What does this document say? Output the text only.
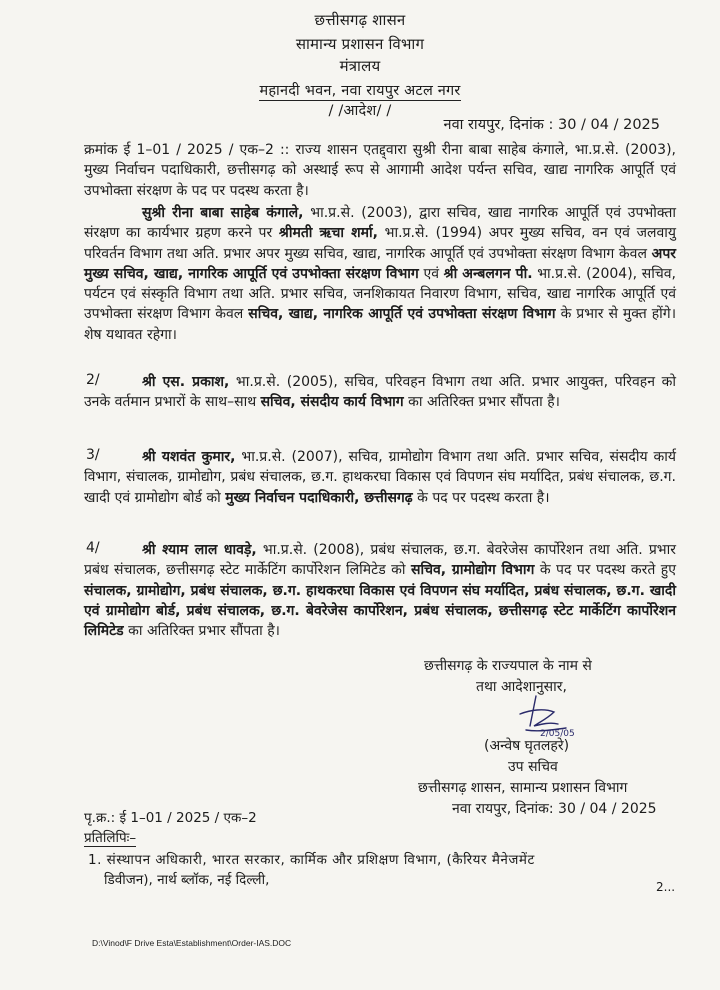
छत्तीसगढ़ शासन
सामान्य प्रशासन विभाग
मंत्रालय
महानदी भवन, नवा रायपुर अटल नगर
/ /आदेश/ /
नवा रायपुर, दिनांक : 30 / 04 / 2025
क्रमांक ई 1–01 / 2025 / एक–2 :: राज्य शासन एतद्द्वारा सुश्री रीना बाबा साहेब कंगाले, भा.प्र.से. (2003), मुख्य निर्वाचन पदाधिकारी, छत्तीसगढ़ को अस्थाई रूप से आगामी आदेश पर्यन्त सचिव, खाद्य नागरिक आपूर्ति एवं उपभोक्ता संरक्षण के पद पर पदस्थ करता है।
सुश्री रीना बाबा साहेब कंगाले, भा.प्र.से. (2003), द्वारा सचिव, खाद्य नागरिक आपूर्ति एवं उपभोक्ता संरक्षण का कार्यभार ग्रहण करने पर श्रीमती ऋचा शर्मा, भा.प्र.से. (1994) अपर मुख्य सचिव, वन एवं जलवायु परिवर्तन विभाग तथा अति. प्रभार अपर मुख्य सचिव, खाद्य, नागरिक आपूर्ति एवं उपभोक्ता संरक्षण विभाग केवल अपर मुख्य सचिव, खाद्य, नागरिक आपूर्ति एवं उपभोक्ता संरक्षण विभाग एवं श्री अन्बलगन पी. भा.प्र.से. (2004), सचिव, पर्यटन एवं संस्कृति विभाग तथा अति. प्रभार सचिव, जनशिकायत निवारण विभाग, सचिव, खाद्य नागरिक आपूर्ति एवं उपभोक्ता संरक्षण विभाग केवल सचिव, खाद्य, नागरिक आपूर्ति एवं उपभोक्ता संरक्षण विभाग के प्रभार से मुक्त होंगे। शेष यथावत रहेगा।
2/	श्री एस. प्रकाश, भा.प्र.से. (2005), सचिव, परिवहन विभाग तथा अति. प्रभार आयुक्त, परिवहन को उनके वर्तमान प्रभारों के साथ–साथ सचिव, संसदीय कार्य विभाग का अतिरिक्त प्रभार सौंपता है।
3/	श्री यशवंत कुमार, भा.प्र.से. (2007), सचिव, ग्रामोद्योग विभाग तथा अति. प्रभार सचिव, संसदीय कार्य विभाग, संचालक, ग्रामोद्योग, प्रबंध संचालक, छ.ग. हाथकरघा विकास एवं विपणन संघ मर्यादित, प्रबंध संचालक, छ.ग. खादी एवं ग्रामोद्योग बोर्ड को मुख्य निर्वाचन पदाधिकारी, छत्तीसगढ़ के पद पर पदस्थ करता है।
4/	श्री श्याम लाल धावड़े, भा.प्र.से. (2008), प्रबंध संचालक, छ.ग. बेवरेजेस कार्पोरेशन तथा अति. प्रभार प्रबंध संचालक, छत्तीसगढ़ स्टेट मार्केटिंग कार्पोरेशन लिमिटेड को सचिव, ग्रामोद्योग विभाग के पद पर पदस्थ करते हुए संचालक, ग्रामोद्योग, प्रबंध संचालक, छ.ग. हाथकरघा विकास एवं विपणन संघ मर्यादित, प्रबंध संचालक, छ.ग. खादी एवं ग्रामोद्योग बोर्ड, प्रबंध संचालक, छ.ग. बेवरेजेस कार्पोरेशन, प्रबंध संचालक, छत्तीसगढ़ स्टेट मार्केटिंग कार्पोरेशन लिमिटेड का अतिरिक्त प्रभार सौंपता है।
छत्तीसगढ़ के राज्यपाल के नाम से
तथा आदेशानुसार,
2/05/05
(अन्वेष घृतलहरे)
उप सचिव
छत्तीसगढ़ शासन, सामान्य प्रशासन विभाग
नवा रायपुर, दिनांक: 30 / 04 / 2025
पृ.क्र.: ई 1–01 / 2025 / एक–2
प्रतिलिपिः–
1. संस्थापन अधिकारी, भारत सरकार, कार्मिक और प्रशिक्षण विभाग, (कैरियर मैनेजमेंट
डिवीजन), नार्थ ब्लॉक, नई दिल्ली,	2...
D:\Vinod\F Drive Esta\Establishment\Order-IAS.DOC
